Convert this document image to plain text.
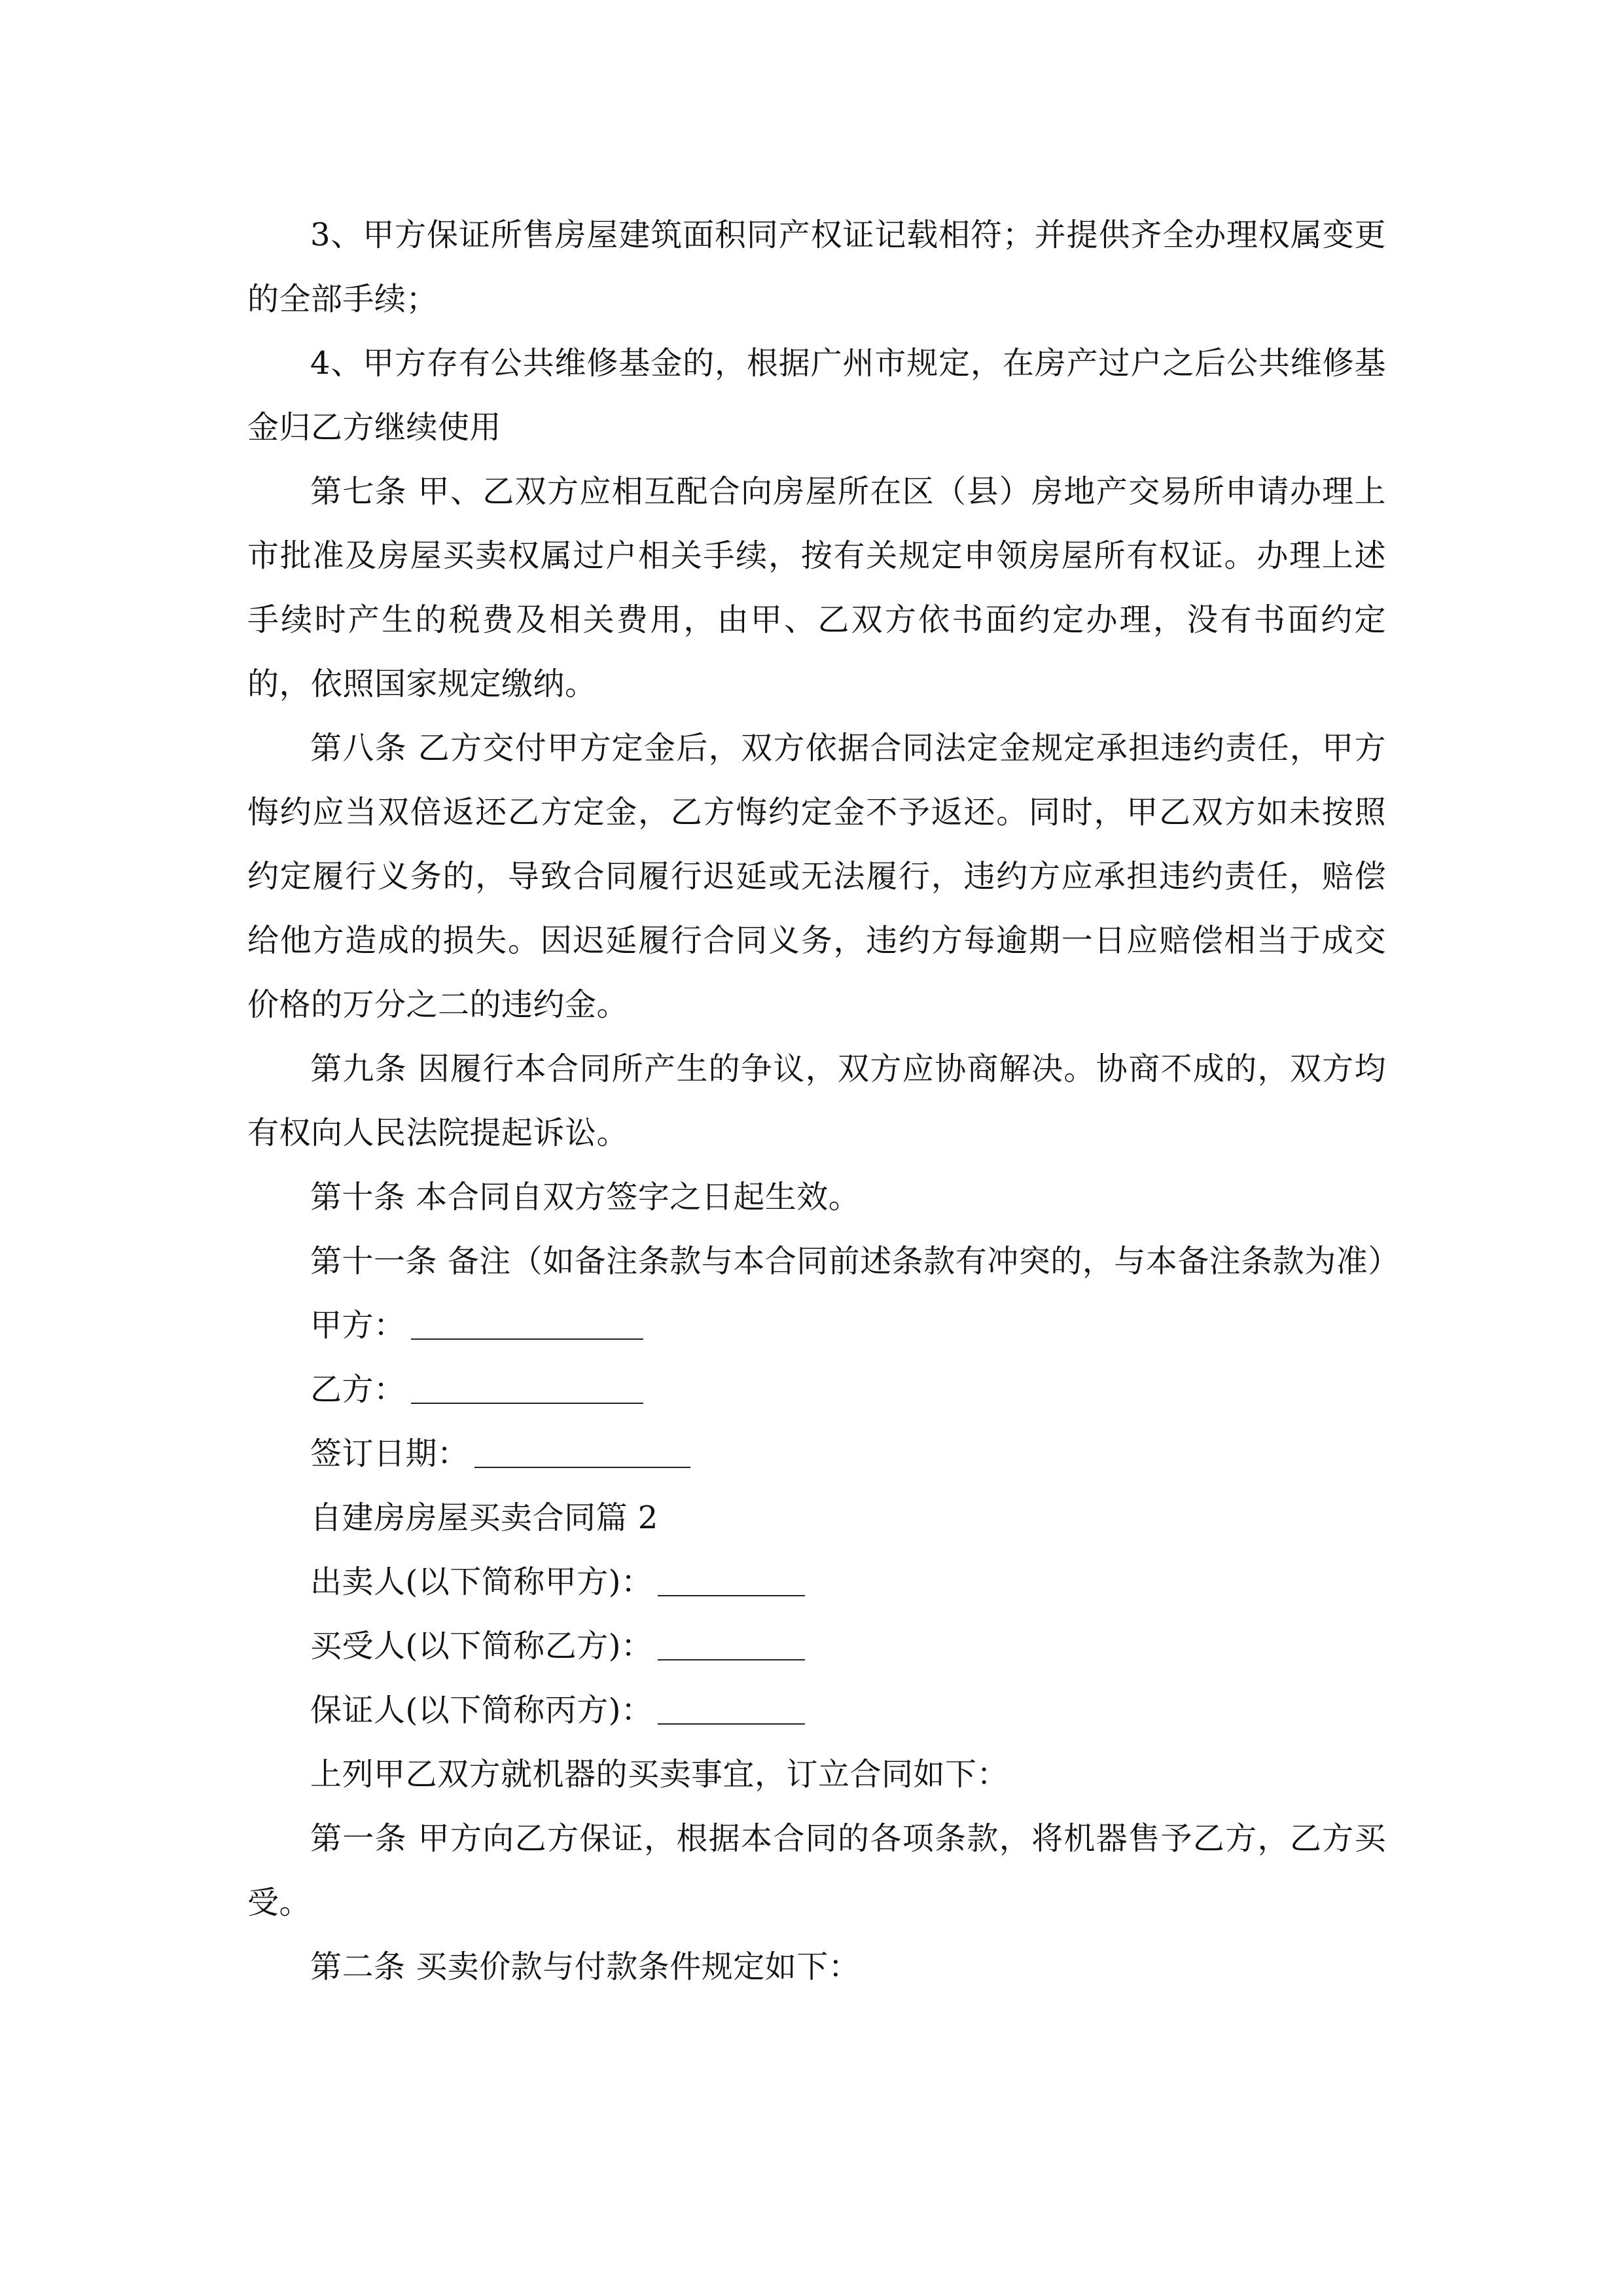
3、甲方保证所售房屋建筑面积同产权证记载相符；并提供齐全办理权属变更的全部手续；

4、甲方存有公共维修基金的，根据广州市规定，在房产过户之后公共维修基金归乙方继续使用

第七条 甲、乙双方应相互配合向房屋所在区（县）房地产交易所申请办理上市批准及房屋买卖权属过户相关手续，按有关规定申领房屋所有权证。办理上述手续时产生的税费及相关费用，由甲、乙双方依书面约定办理，没有书面约定的，依照国家规定缴纳。

第八条 乙方交付甲方定金后，双方依据合同法定金规定承担违约责任，甲方悔约应当双倍返还乙方定金，乙方悔约定金不予返还。同时，甲乙双方如未按照约定履行义务的，导致合同履行迟延或无法履行，违约方应承担违约责任，赔偿给他方造成的损失。因迟延履行合同义务，违约方每逾期一日应赔偿相当于成交价格的万分之二的违约金。

第九条 因履行本合同所产生的争议，双方应协商解决。协商不成的，双方均有权向人民法院提起诉讼。

第十条 本合同自双方签字之日起生效。

第十一条 备注（如备注条款与本合同前述条款有冲突的，与本备注条款为准）

甲方：

乙方：

签订日期：

自建房房屋买卖合同篇 2

出卖人(以下简称甲方)：

买受人(以下简称乙方)：

保证人(以下简称丙方)：

上列甲乙双方就机器的买卖事宜，订立合同如下：

第一条 甲方向乙方保证，根据本合同的各项条款，将机器售予乙方，乙方买受。

第二条 买卖价款与付款条件规定如下：
